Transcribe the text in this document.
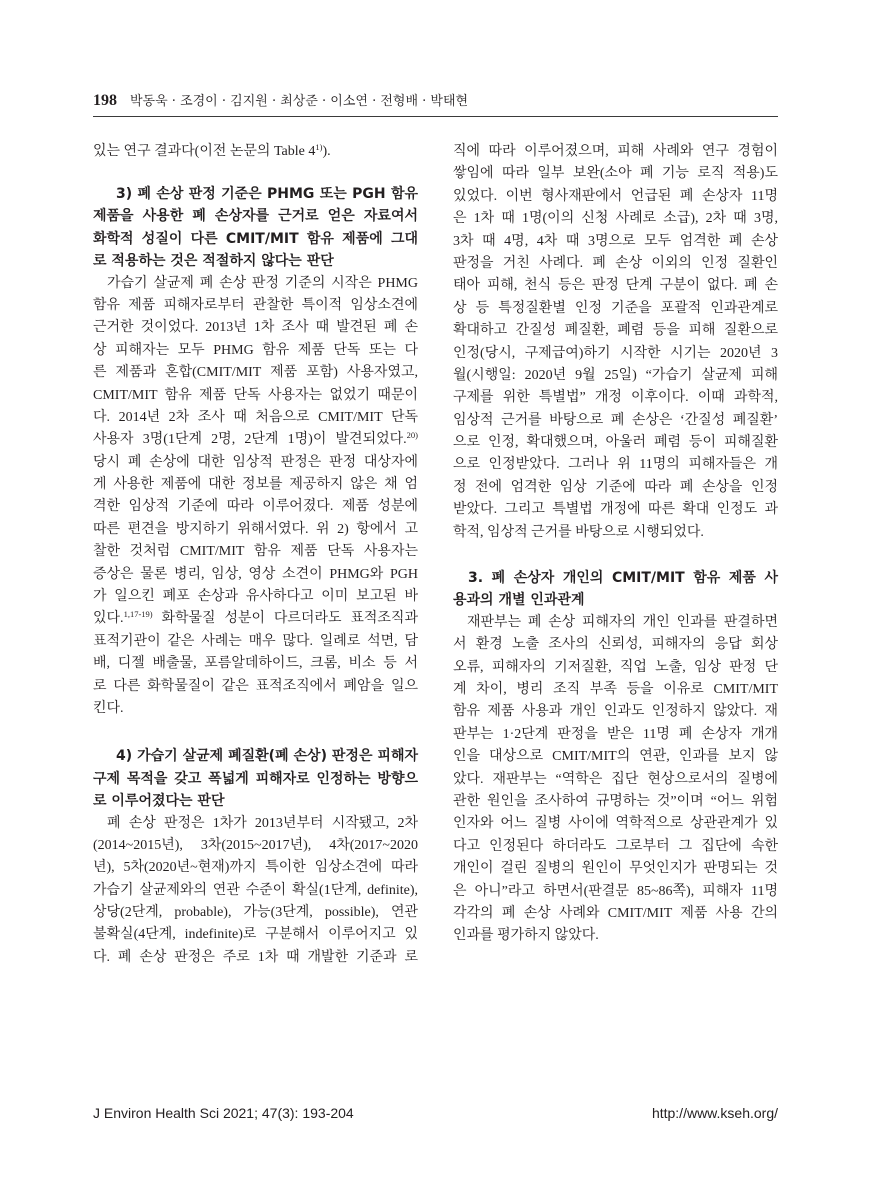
198 박동욱 · 조경이 · 김지원 · 최상준 · 이소연 · 전형배 · 박태현
있는 연구 결과다(이전 논문의 Table 4$^{1)}$).
3) 폐 손상 판정 기준은 PHMG 또는 PGH 함유
제품을 사용한 폐 손상자를 근거로 얻은 자료여서
화학적 성질이 다른 CMIT/MIT 함유 제품에 그대
로 적용하는 것은 적절하지 않다는 판단
가습기 살균제 폐 손상 판정 기준의 시작은 PHMG
함유 제품 피해자로부터 관찰한 특이적 임상소견에
근거한 것이었다. 2013년 1차 조사 때 발견된 폐 손
상 피해자는 모두 PHMG 함유 제품 단독 또는 다
른 제품과 혼합(CMIT/MIT 제품 포함) 사용자였고,
CMIT/MIT 함유 제품 단독 사용자는 없었기 때문이
다. 2014년 2차 조사 때 처음으로 CMIT/MIT 단독
사용자 3명(1단계 2명, 2단계 1명)이 발견되었다.$^{20)}$
당시 폐 손상에 대한 임상적 판정은 판정 대상자에
게 사용한 제품에 대한 정보를 제공하지 않은 채 엄
격한 임상적 기준에 따라 이루어졌다. 제품 성분에
따른 편견을 방지하기 위해서였다. 위 2) 항에서 고
찰한 것처럼 CMIT/MIT 함유 제품 단독 사용자는
증상은 물론 병리, 임상, 영상 소견이 PHMG와 PGH
가 일으킨 폐포 손상과 유사하다고 이미 보고된 바
있다.$^{1,17-19)}$ 화학물질 성분이 다르더라도 표적조직과
표적기관이 같은 사례는 매우 많다. 일례로 석면, 담
배, 디젤 배출물, 포름알데하이드, 크롬, 비소 등 서
로 다른 화학물질이 같은 표적조직에서 폐암을 일으
킨다.
4) 가습기 살균제 폐질환(폐 손상) 판정은 피해자
구제 목적을 갖고 폭넓게 피해자로 인정하는 방향으
로 이루어졌다는 판단
폐 손상 판정은 1차가 2013년부터 시작됐고, 2차
(2014~2015년), 3차(2015~2017년), 4차(2017~2020
년), 5차(2020년~현재)까지 특이한 임상소견에 따라
가습기 살균제와의 연관 수준이 확실(1단계, definite),
상당(2단계, probable), 가능(3단계, possible), 연관
불확실(4단계, indefinite)로 구분해서 이루어지고 있
다. 폐 손상 판정은 주로 1차 때 개발한 기준과 로
직에 따라 이루어졌으며, 피해 사례와 연구 경험이
쌓임에 따라 일부 보완(소아 폐 기능 로직 적용)도
있었다. 이번 형사재판에서 언급된 폐 손상자 11명
은 1차 때 1명(이의 신청 사례로 소급), 2차 때 3명,
3차 때 4명, 4차 때 3명으로 모두 엄격한 폐 손상
판정을 거친 사례다. 폐 손상 이외의 인정 질환인
태아 피해, 천식 등은 판정 단계 구분이 없다. 폐 손
상 등 특정질환별 인정 기준을 포괄적 인과관계로
확대하고 간질성 폐질환, 폐렴 등을 피해 질환으로
인정(당시, 구제급여)하기 시작한 시기는 2020년 3
월(시행일: 2020년 9월 25일) “가습기 살균제 피해
구제를 위한 특별법” 개정 이후이다. 이때 과학적,
임상적 근거를 바탕으로 폐 손상은 ‘간질성 폐질환’
으로 인정, 확대했으며, 아울러 폐렴 등이 피해질환
으로 인정받았다. 그러나 위 11명의 피해자들은 개
정 전에 엄격한 임상 기준에 따라 폐 손상을 인정
받았다. 그리고 특별법 개정에 따른 확대 인정도 과
학적, 임상적 근거를 바탕으로 시행되었다.
3. 폐 손상자 개인의 CMIT/MIT 함유 제품 사
용과의 개별 인과관계
재판부는 폐 손상 피해자의 개인 인과를 판결하면
서 환경 노출 조사의 신뢰성, 피해자의 응답 회상
오류, 피해자의 기저질환, 직업 노출, 임상 판정 단
계 차이, 병리 조직 부족 등을 이유로 CMIT/MIT
함유 제품 사용과 개인 인과도 인정하지 않았다. 재
판부는 1·2단계 판정을 받은 11명 폐 손상자 개개
인을 대상으로 CMIT/MIT의 연관, 인과를 보지 않
았다. 재판부는 “역학은 집단 현상으로서의 질병에
관한 원인을 조사하여 규명하는 것”이며 “어느 위험
인자와 어느 질병 사이에 역학적으로 상관관계가 있
다고 인정된다 하더라도 그로부터 그 집단에 속한
개인이 걸린 질병의 원인이 무엇인지가 판명되는 것
은 아니”라고 하면서(판결문 85~86쪽), 피해자 11명
각각의 폐 손상 사례와 CMIT/MIT 제품 사용 간의
인과를 평가하지 않았다.
J Environ Health Sci 2021; 47(3): 193-204	http://www.kseh.org/
